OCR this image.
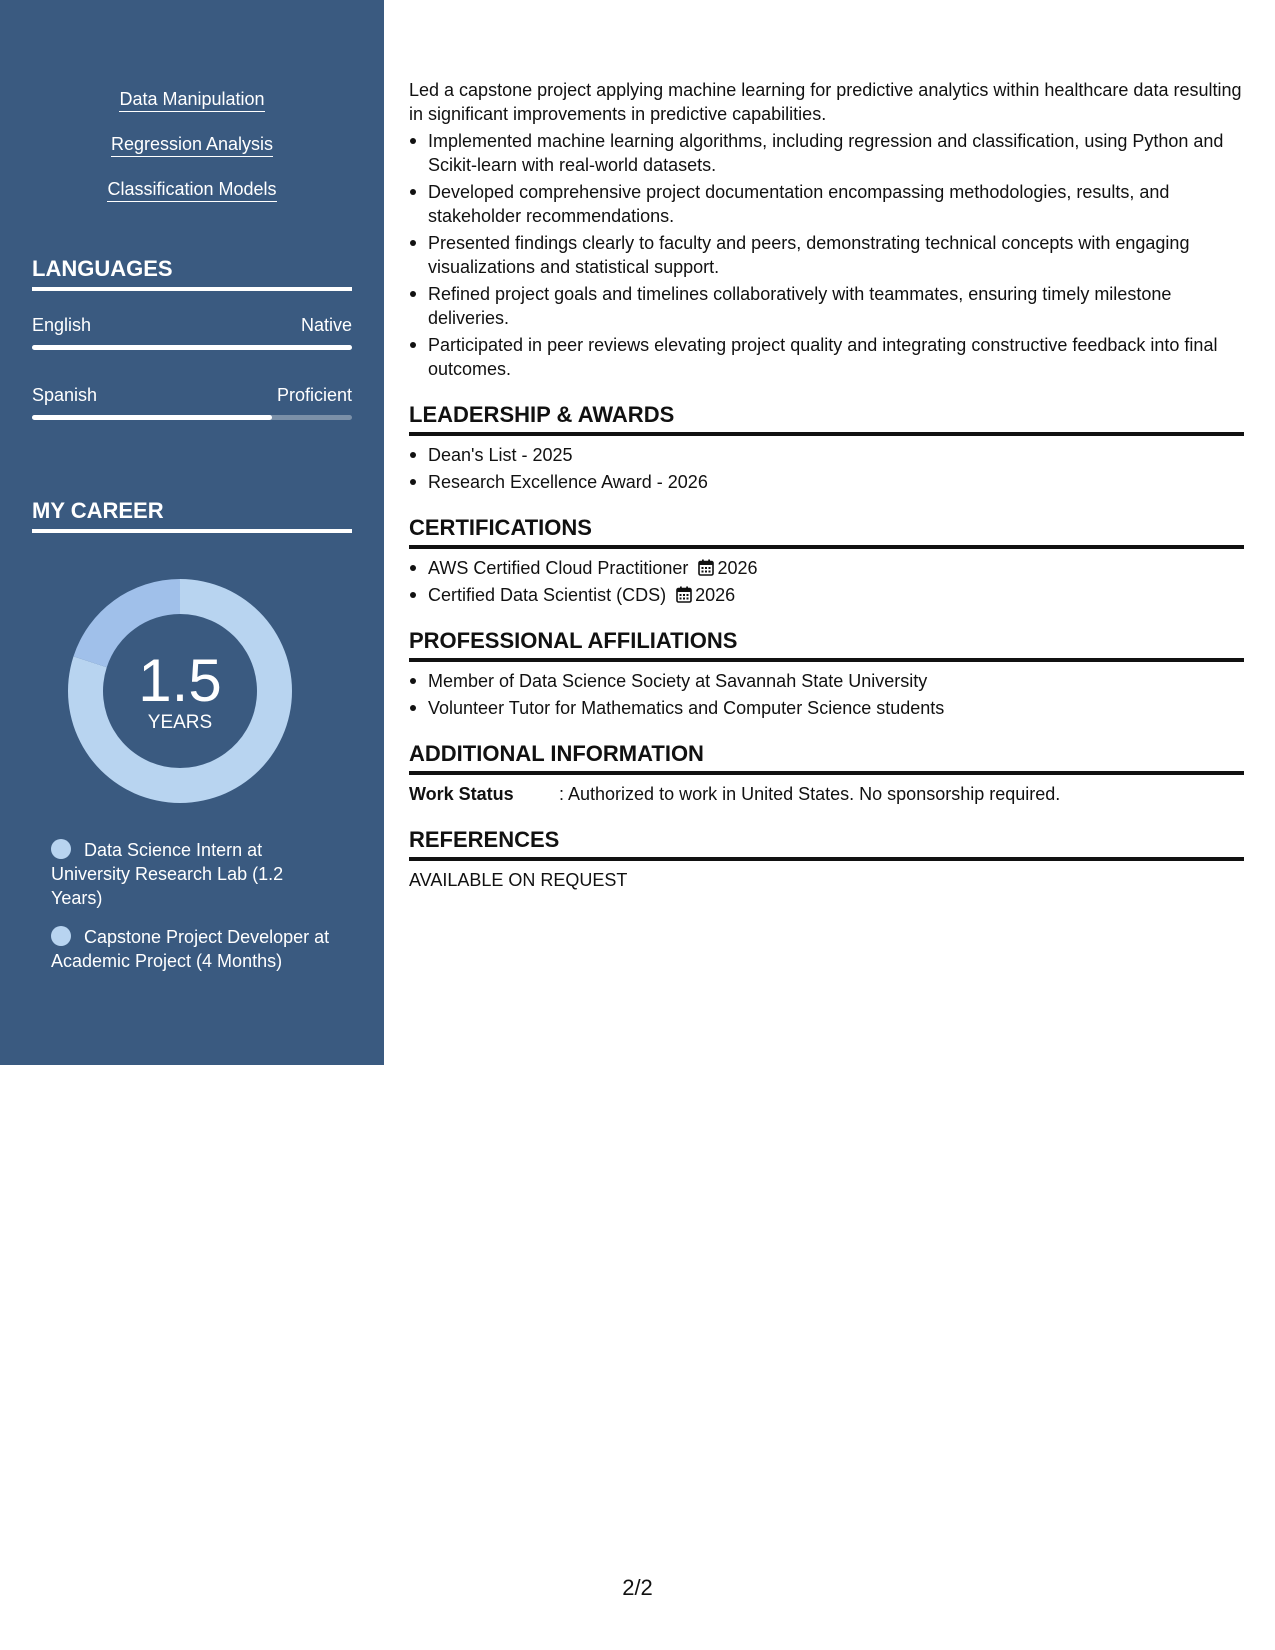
Data Manipulation
Regression Analysis
Classification Models
LANGUAGES
English	Native
Spanish	Proficient
MY CAREER
1.5
YEARS
Data Science Intern at University Research Lab (1.2 Years)
Capstone Project Developer at Academic Project (4 Months)

Led a capstone project applying machine learning for predictive analytics within healthcare data resulting in significant improvements in predictive capabilities.

Implemented machine learning algorithms, including regression and classification, using Python and Scikit-learn with real-world datasets.
Developed comprehensive project documentation encompassing methodologies, results, and stakeholder recommendations.
Presented findings clearly to faculty and peers, demonstrating technical concepts with engaging visualizations and statistical support.
Refined project goals and timelines collaboratively with teammates, ensuring timely milestone deliveries.
Participated in peer reviews elevating project quality and integrating constructive feedback into final outcomes.
LEADERSHIP & AWARDS
Dean's List - 2025
Research Excellence Award - 2026
CERTIFICATIONS
AWS Certified Cloud Practitioner 2026
Certified Data Scientist (CDS) 2026
PROFESSIONAL AFFILIATIONS
Member of Data Science Society at Savannah State University
Volunteer Tutor for Mathematics and Computer Science students
ADDITIONAL INFORMATION
Work Status	: Authorized to work in United States. No sponsorship required.
REFERENCES
AVAILABLE ON REQUEST
2/2
